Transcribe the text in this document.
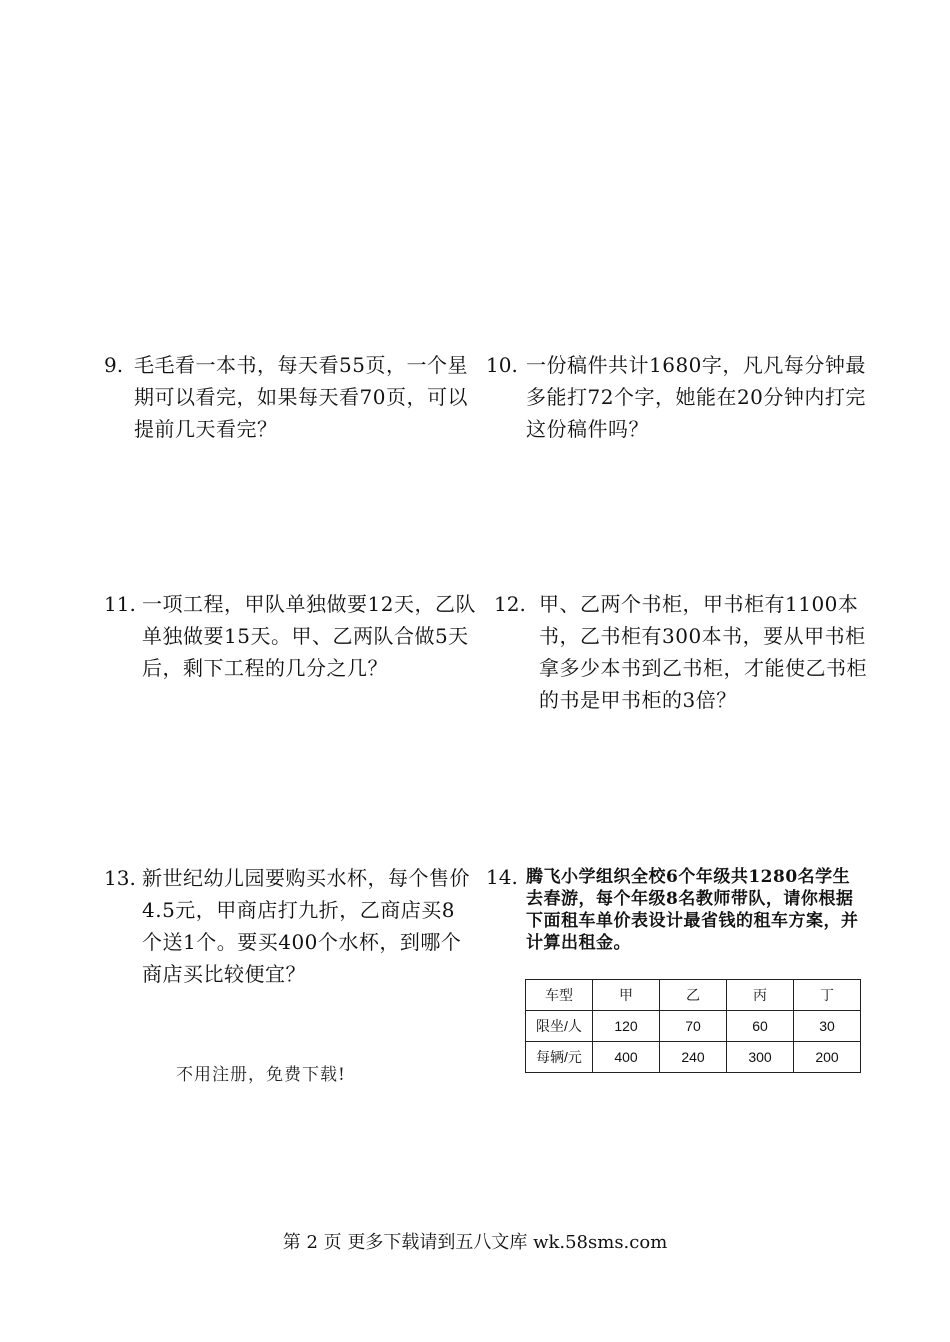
9. 毛毛看一本书，每天看55页，一个星期可以看完，如果每天看70页，可以提前几天看完？
10. 一份稿件共计1680字，凡凡每分钟最多能打72个字，她能在20分钟内打完这份稿件吗？
11. 一项工程，甲队单独做要12天，乙队单独做要15天。甲、乙两队合做5天后，剩下工程的几分之几？
12. 甲、乙两个书柜，甲书柜有1100本书，乙书柜有300本书，要从甲书柜拿多少本书到乙书柜，才能使乙书柜的书是甲书柜的3倍？
13. 新世纪幼儿园要购买水杯，每个售价4.5元，甲商店打九折，乙商店买8个送1个。要买400个水杯，到哪个商店买比较便宜？
14. 腾飞小学组织全校6个年级共1280名学生去春游，每个年级8名教师带队，请你根据下面租车单价表设计最省钱的租车方案，并计算出租金。
车型	甲	乙	丙	丁
限坐/人	120	70	60	30
每辆/元	400	240	300	200
不用注册，免费下载!
第 2 页 更多下载请到五八文库 wk.58sms.com
